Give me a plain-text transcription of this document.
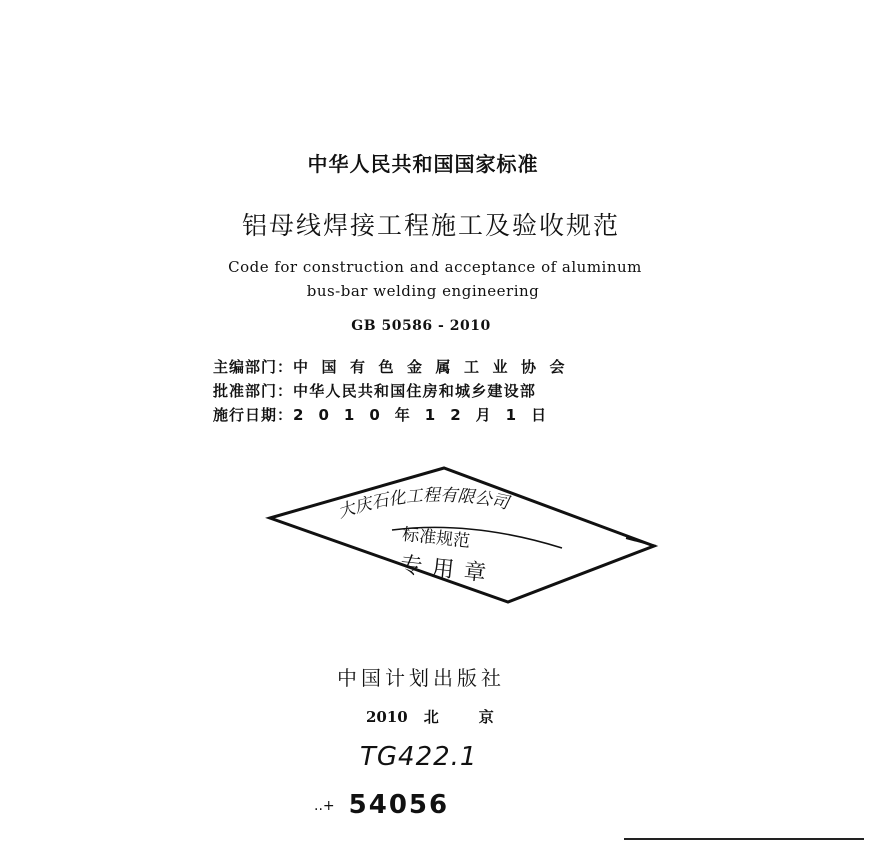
中华人民共和国国家标准
铝母线焊接工程施工及验收规范
Code for construction and acceptance of aluminum
bus-bar welding engineering
GB 50586 - 2010
主编部门：中国有色金属工业协会
批准部门：中华人民共和国住房和城乡建设部
施行日期：2010年12月1日
大庆石化工程有限公司
标准规范
专用章
中国计划出版社
2010 北京
TG422.1
..+ 54056
